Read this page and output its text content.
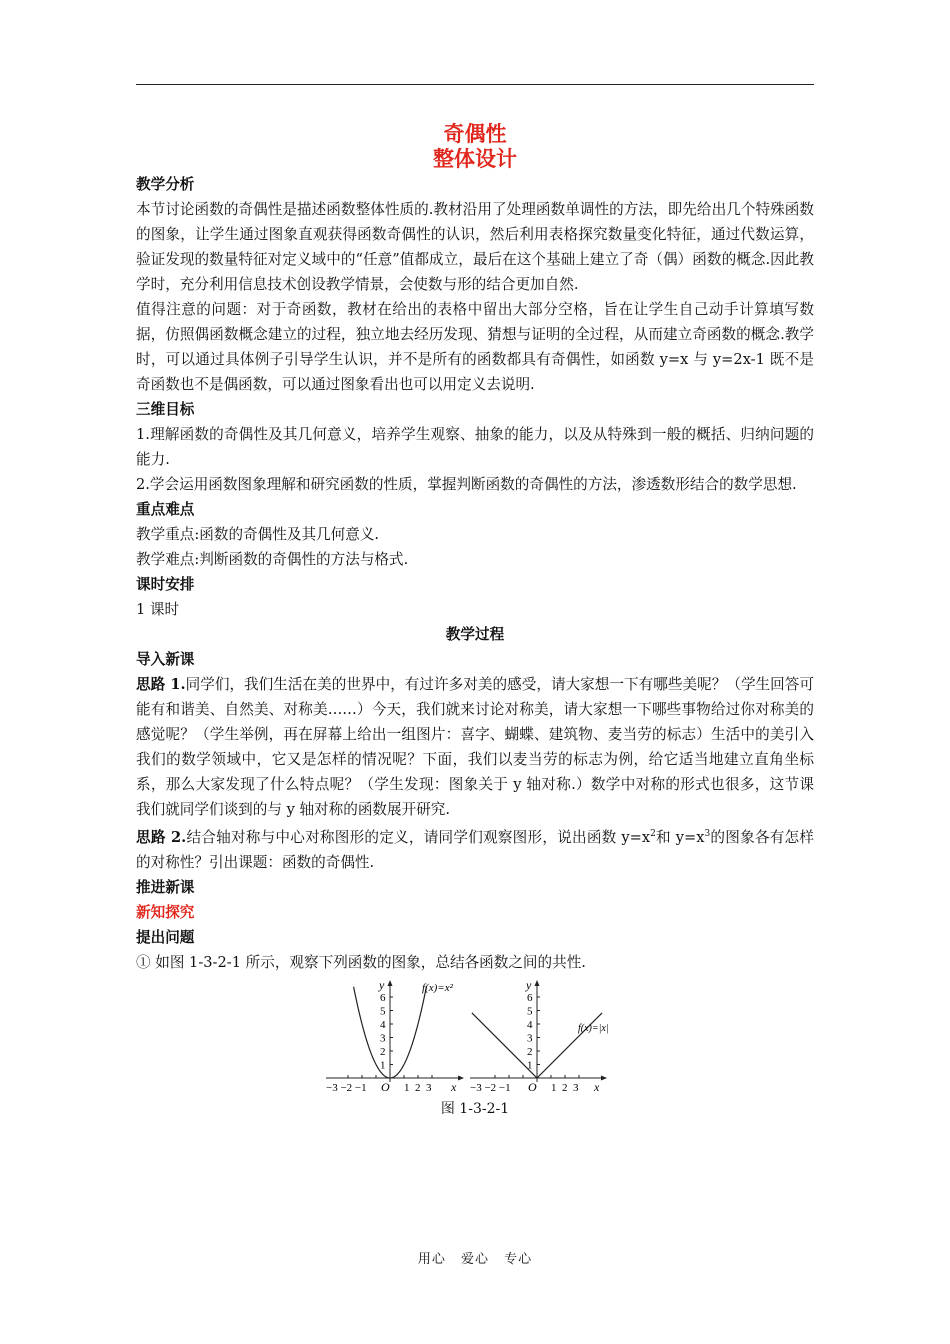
奇偶性
整体设计
教学分析

本节讨论函数的奇偶性是描述函数整体性质的.教材沿用了处理函数单调性的方法，即先给出几个特殊函数的图象，让学生通过图象直观获得函数奇偶性的认识，然后利用表格探究数量变化特征，通过代数运算，验证发现的数量特征对定义域中的“任意”值都成立，最后在这个基础上建立了奇（偶）函数的概念.因此教学时，充分利用信息技术创设教学情景，会使数与形的结合更加自然.

值得注意的问题：对于奇函数，教材在给出的表格中留出大部分空格，旨在让学生自己动手计算填写数据，仿照偶函数概念建立的过程，独立地去经历发现、猜想与证明的全过程，从而建立奇函数的概念.教学时，可以通过具体例子引导学生认识，并不是所有的函数都具有奇偶性，如函数 y=x 与 y=2x-1 既不是奇函数也不是偶函数，可以通过图象看出也可以用定义去说明.

三维目标

1.理解函数的奇偶性及其几何意义，培养学生观察、抽象的能力，以及从特殊到一般的概括、归纳问题的能力.

2.学会运用函数图象理解和研究函数的性质，掌握判断函数的奇偶性的方法，渗透数形结合的数学思想.

重点难点

教学重点:函数的奇偶性及其几何意义.

教学难点:判断函数的奇偶性的方法与格式.

课时安排

1 课时

教学过程
导入新课

思路 1.同学们，我们生活在美的世界中，有过许多对美的感受，请大家想一下有哪些美呢？（学生回答可能有和谐美、自然美、对称美……）今天，我们就来讨论对称美，请大家想一下哪些事物给过你对称美的感觉呢？（学生举例，再在屏幕上给出一组图片：喜字、蝴蝶、建筑物、麦当劳的标志）生活中的美引入我们的数学领域中，它又是怎样的情况呢？下面，我们以麦当劳的标志为例，给它适当地建立直角坐标系，那么大家发现了什么特点呢？（学生发现：图象关于 y 轴对称.）数学中对称的形式也很多，这节课我们就同学们谈到的与 y 轴对称的函数展开研究.

思路 2.结合轴对称与中心对称图形的定义，请同学们观察图形，说出函数 $y=x^2$和 $y=x^3$的图象各有怎样的对称性？引出课题：函数的奇偶性.

推进新课
新知探究
提出问题

① 如图 1-3-2-1 所示，观察下列函数的图象，总结各函数之间的共性.

1
2
3
4
5
6
1
2
3
4
5
6
O	O
y	y
x	x
−3 −2 −1	1  2  3	−3 −2 −1	1  2  3
f(x)=x²
f(x)=|x|
图 1-3-2-1
用心 爱心 专心
